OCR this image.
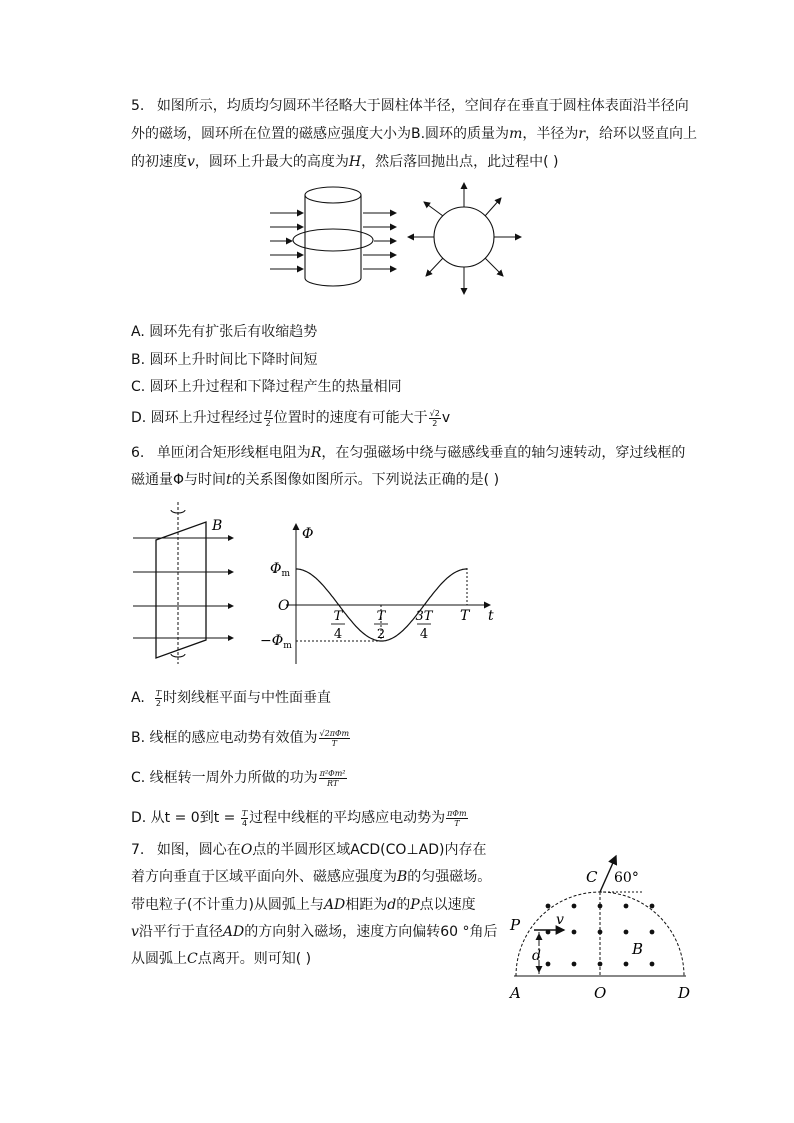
5. 如图所示，均质均匀圆环半径略大于圆柱体半径，空间存在垂直于圆柱体表面沿半径向
外的磁场，圆环所在位置的磁感应强度大小为B.圆环的质量为m，半径为r，给环以竖直向上
的初速度v，圆环上升最大的高度为H，然后落回抛出点，此过程中( )
A. 圆环先有扩张后有收缩趋势
B. 圆环上升时间比下降时间短
C. 圆环上升过程和下降过程产生的热量相同
D. 圆环上升过程经过 $\frac{H}{2}$ 位置时的速度有可能大于 $\frac{√2}{2}$ v
6. 单匝闭合矩形线框电阻为R，在匀强磁场中绕与磁感线垂直的轴匀速转动，穿过线框的
磁通量Φ与时间t的关系图像如图所示。下列说法正确的是( )
B	Φ
$\Phi_m$
$-\Phi_m$
O
t
T
4
T
2
3T
4
T
A. $\frac{T}{2}$ 时刻线框平面与中性面垂直
B. 线框的感应电动势有效值为 $\frac{\text{√2πΦm}}{T}$
C. 线框转一周外力所做的功为 $\frac{\text{π²Φm²}}{RT}$
D. 从t = 0到$t = \frac{T}{4}$ 过程中线框的平均感应电动势为 $\frac{\text{πΦm}}{T}$
7. 如图，圆心在O点的半圆形区域ACD(CO⊥AD)内存在
着方向垂直于区域平面向外、磁感应强度为B的匀强磁场。
带电粒子(不计重力)从圆弧上与AD相距为d的P点以速度
v沿平行于直径AD的方向射入磁场，速度方向偏转60 °角后
从圆弧上C点离开。则可知( )
C 60°
P	v
d	B
A	O	D
